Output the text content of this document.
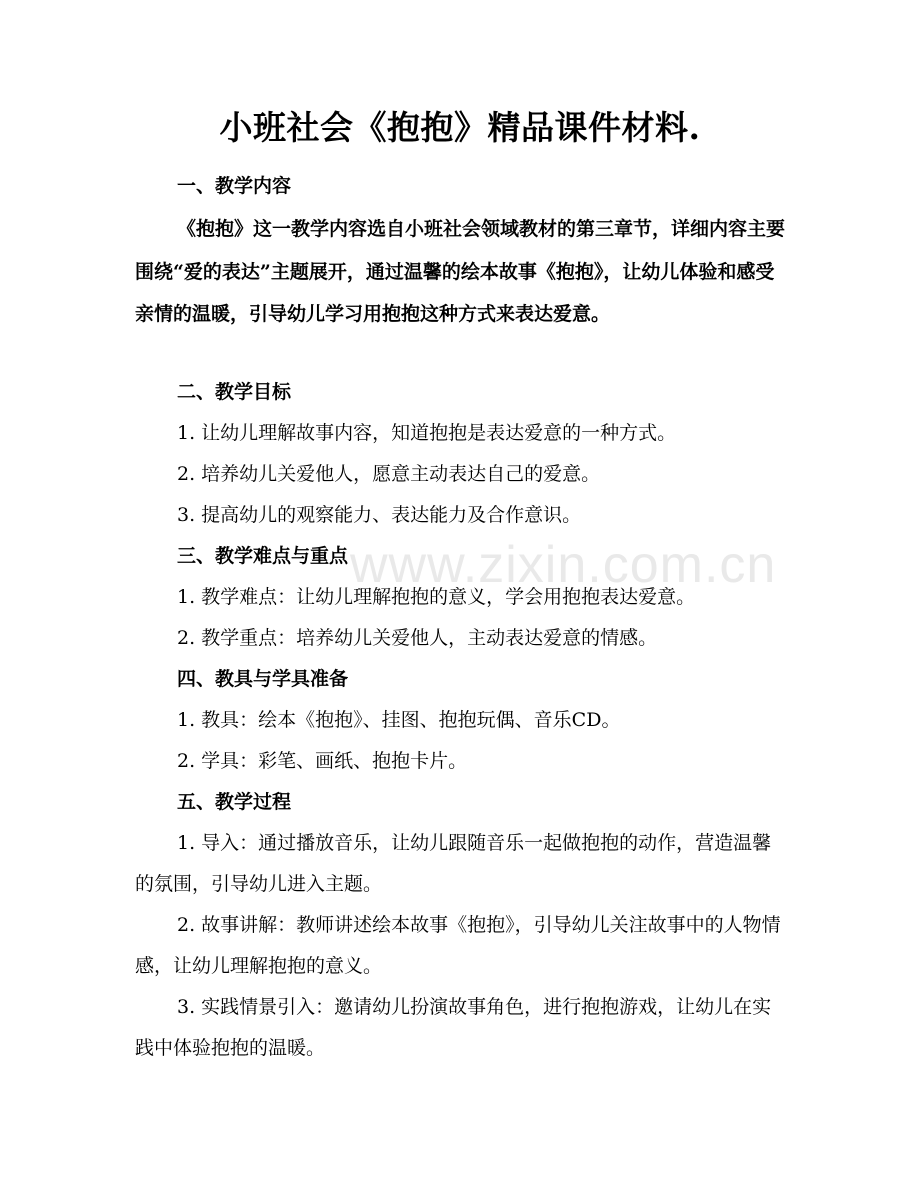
www.zixin.com.cn
小班社会《抱抱》精品课件材料.
一、教学内容
《抱抱》这一教学内容选自小班社会领域教材的第三章节，详细内容主要围绕“爱的表达”主题展开，通过温馨的绘本故事《抱抱》，让幼儿体验和感受亲情的温暖，引导幼儿学习用抱抱这种方式来表达爱意。
二、教学目标
1. 让幼儿理解故事内容，知道抱抱是表达爱意的一种方式。
2. 培养幼儿关爱他人，愿意主动表达自己的爱意。
3. 提高幼儿的观察能力、表达能力及合作意识。
三、教学难点与重点
1. 教学难点：让幼儿理解抱抱的意义，学会用抱抱表达爱意。
2. 教学重点：培养幼儿关爱他人，主动表达爱意的情感。
四、教具与学具准备
1. 教具：绘本《抱抱》、挂图、抱抱玩偶、音乐CD。
2. 学具：彩笔、画纸、抱抱卡片。
五、教学过程
1. 导入：通过播放音乐，让幼儿跟随音乐一起做抱抱的动作，营造温馨的氛围，引导幼儿进入主题。
2. 故事讲解：教师讲述绘本故事《抱抱》，引导幼儿关注故事中的人物情感，让幼儿理解抱抱的意义。
3. 实践情景引入：邀请幼儿扮演故事角色，进行抱抱游戏，让幼儿在实践中体验抱抱的温暖。
